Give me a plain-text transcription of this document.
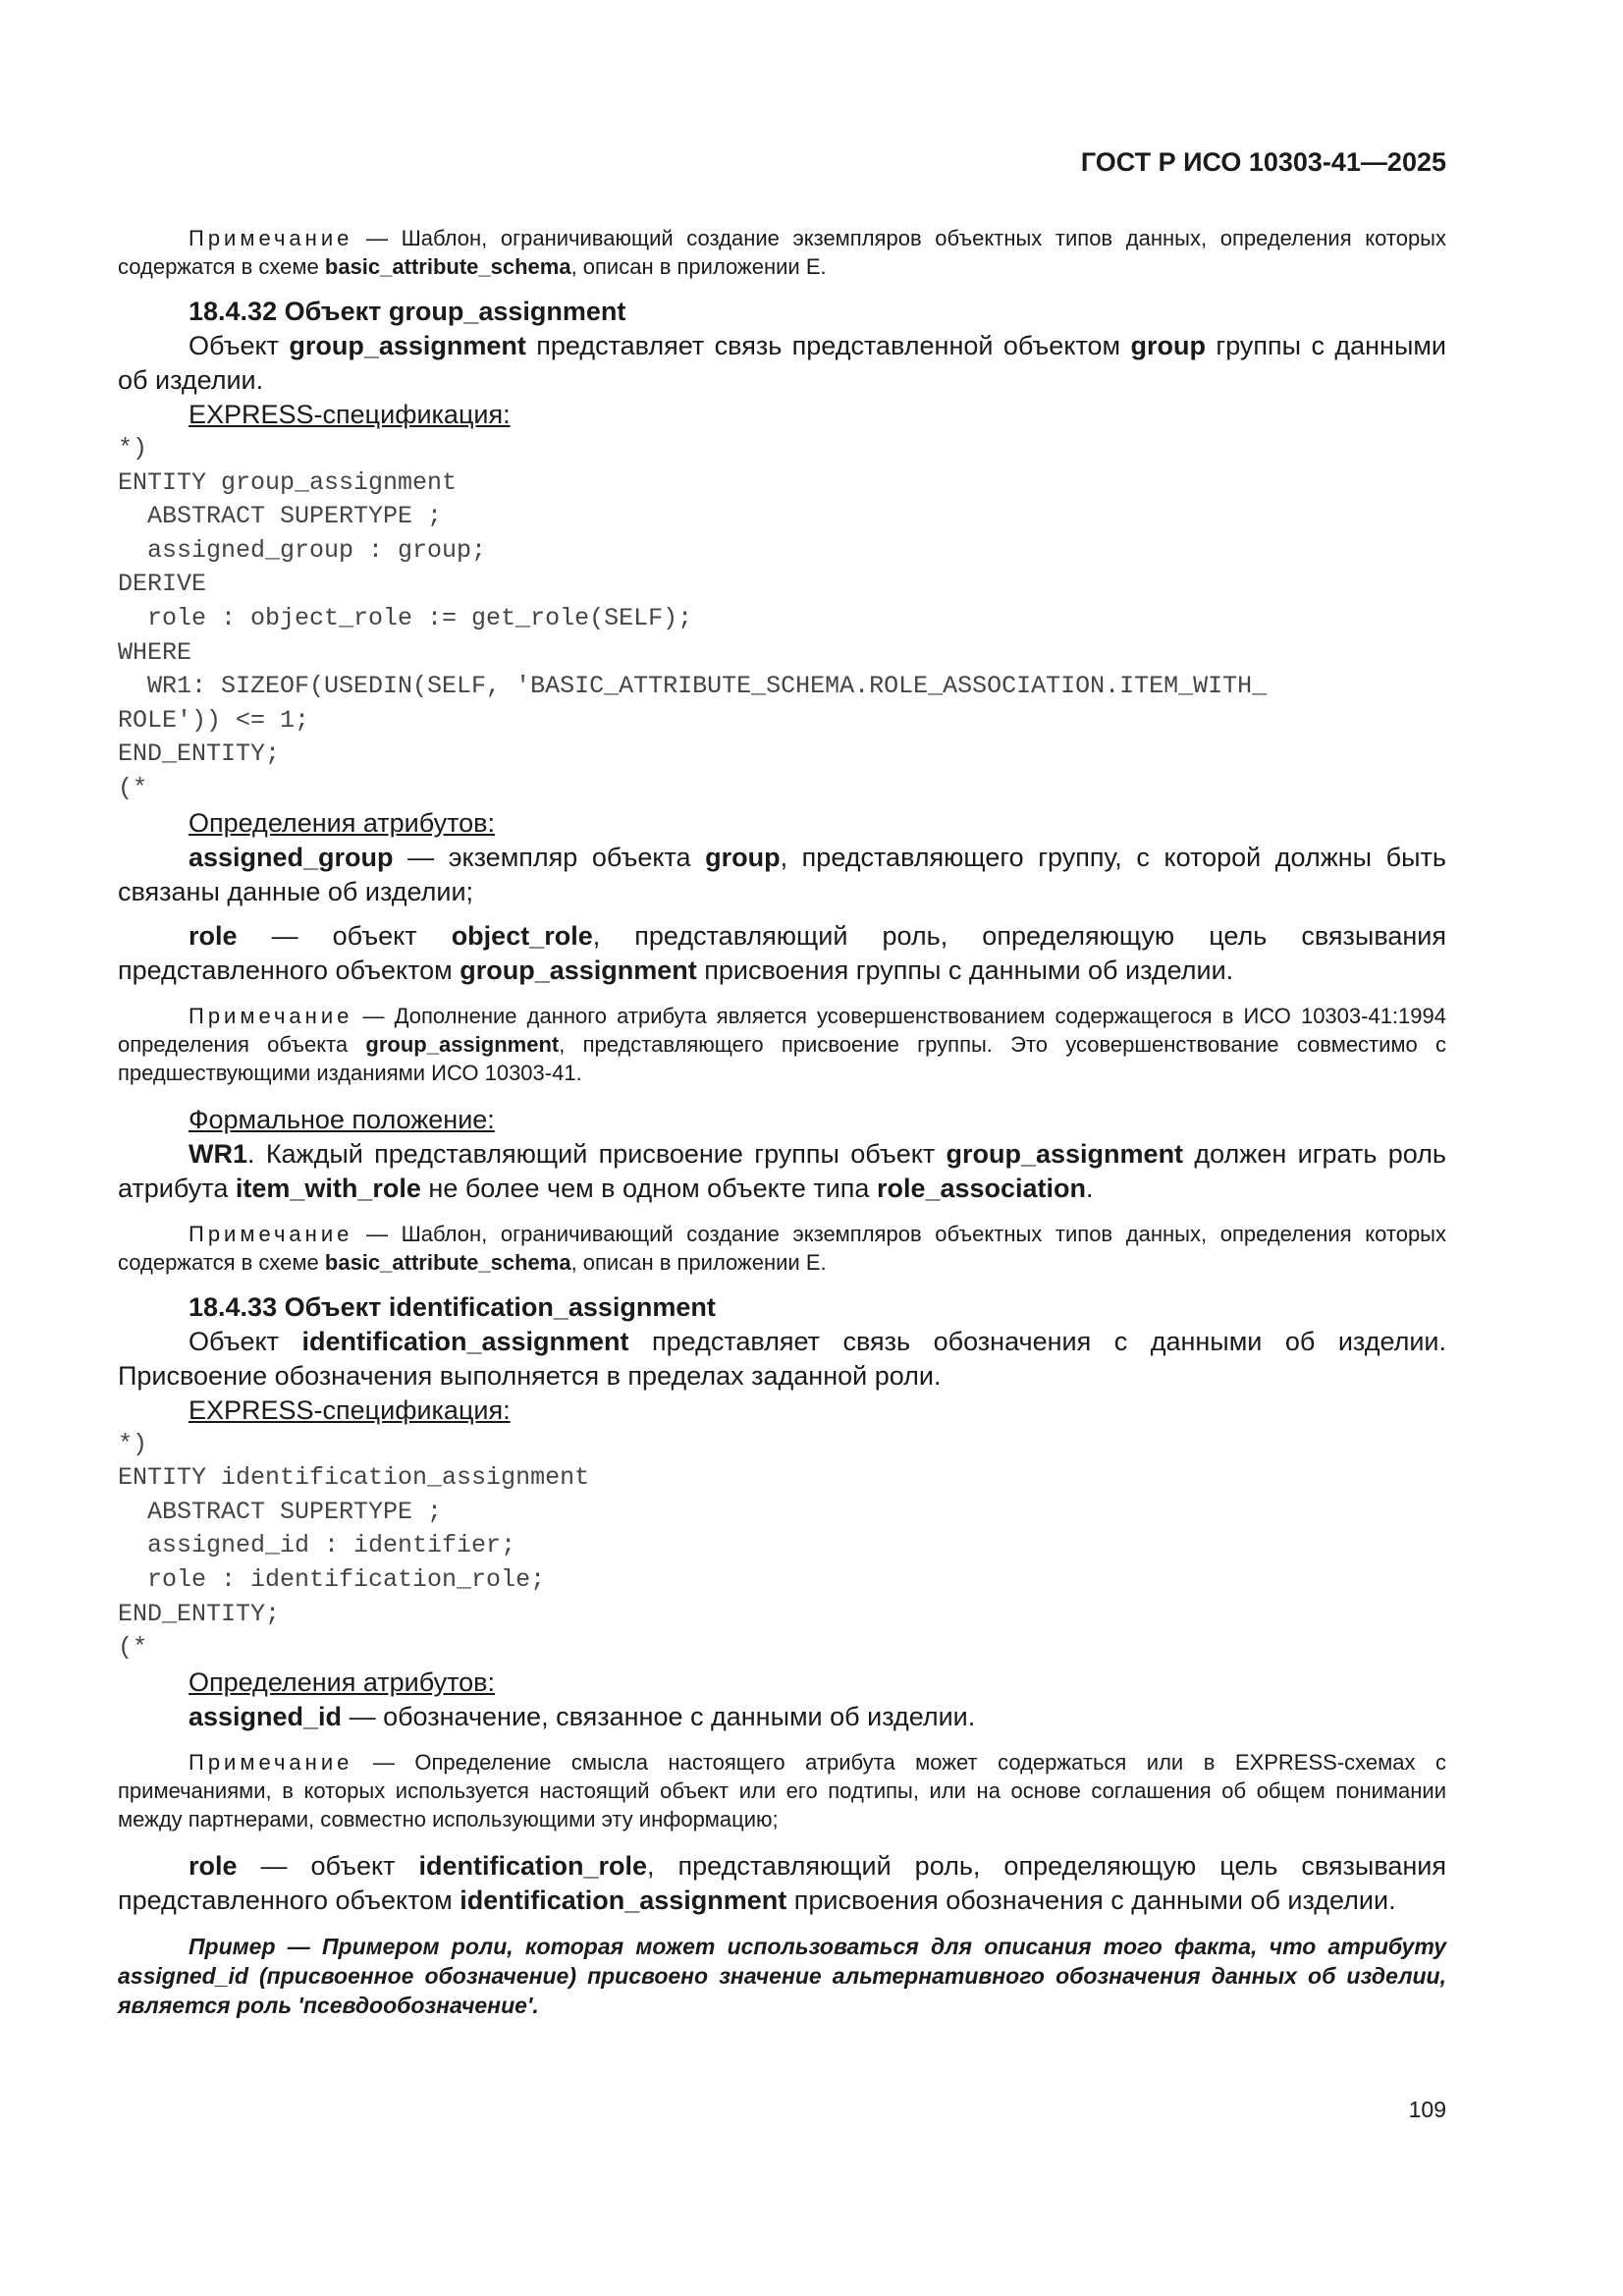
ГОСТ Р ИСО 10303-41—2025

Примечание — Шаблон, ограничивающий создание экземпляров объектных типов данных, определения которых содержатся в схеме basic_attribute_schema, описан в приложении Е.

18.4.32 Объект group_assignment

Объект group_assignment представляет связь представленной объектом group группы с данными об изделии.

EXPRESS-спецификация:

*)
ENTITY group_assignment
ABSTRACT SUPERTYPE ;
assigned_group : group;
DERIVE
role : object_role := get_role(SELF);
WHERE
WR1: SIZEOF(USEDIN(SELF, 'BASIC_ATTRIBUTE_SCHEMA.ROLE_ASSOCIATION.ITEM_WITH_
ROLE')) <= 1;
END_ENTITY;
(*

Определения атрибутов:

assigned_group — экземпляр объекта group, представляющего группу, с которой должны быть связаны данные об изделии;

role — объект object_role, представляющий роль, определяющую цель связывания представленного объектом group_assignment присвоения группы с данными об изделии.

Примечание — Дополнение данного атрибута является усовершенствованием содержащегося в ИСО 10303-41:1994 определения объекта group_assignment, представляющего присвоение группы. Это усовершенствование совместимо с предшествующими изданиями ИСО 10303-41.

Формальное положение:

WR1. Каждый представляющий присвоение группы объект group_assignment должен играть роль атрибута item_with_role не более чем в одном объекте типа role_association.

Примечание — Шаблон, ограничивающий создание экземпляров объектных типов данных, определения которых содержатся в схеме basic_attribute_schema, описан в приложении Е.

18.4.33 Объект identification_assignment

Объект identification_assignment представляет связь обозначения с данными об изделии. Присвоение обозначения выполняется в пределах заданной роли.

EXPRESS-спецификация:

*)
ENTITY identification_assignment
ABSTRACT SUPERTYPE ;
assigned_id : identifier;
role : identification_role;
END_ENTITY;
(*

Определения атрибутов:

assigned_id — обозначение, связанное с данными об изделии.

Примечание — Определение смысла настоящего атрибута может содержаться или в EXPRESS-схемах с примечаниями, в которых используется настоящий объект или его подтипы, или на основе соглашения об общем понимании между партнерами, совместно использующими эту информацию;

role — объект identification_role, представляющий роль, определяющую цель связывания представленного объектом identification_assignment присвоения обозначения с данными об изделии.

Пример — Примером роли, которая может использоваться для описания того факта, что атрибуту assigned_id (присвоенное обозначение) присвоено значение альтернативного обозначения данных об изделии, является роль 'псевдообозначение'.

109
